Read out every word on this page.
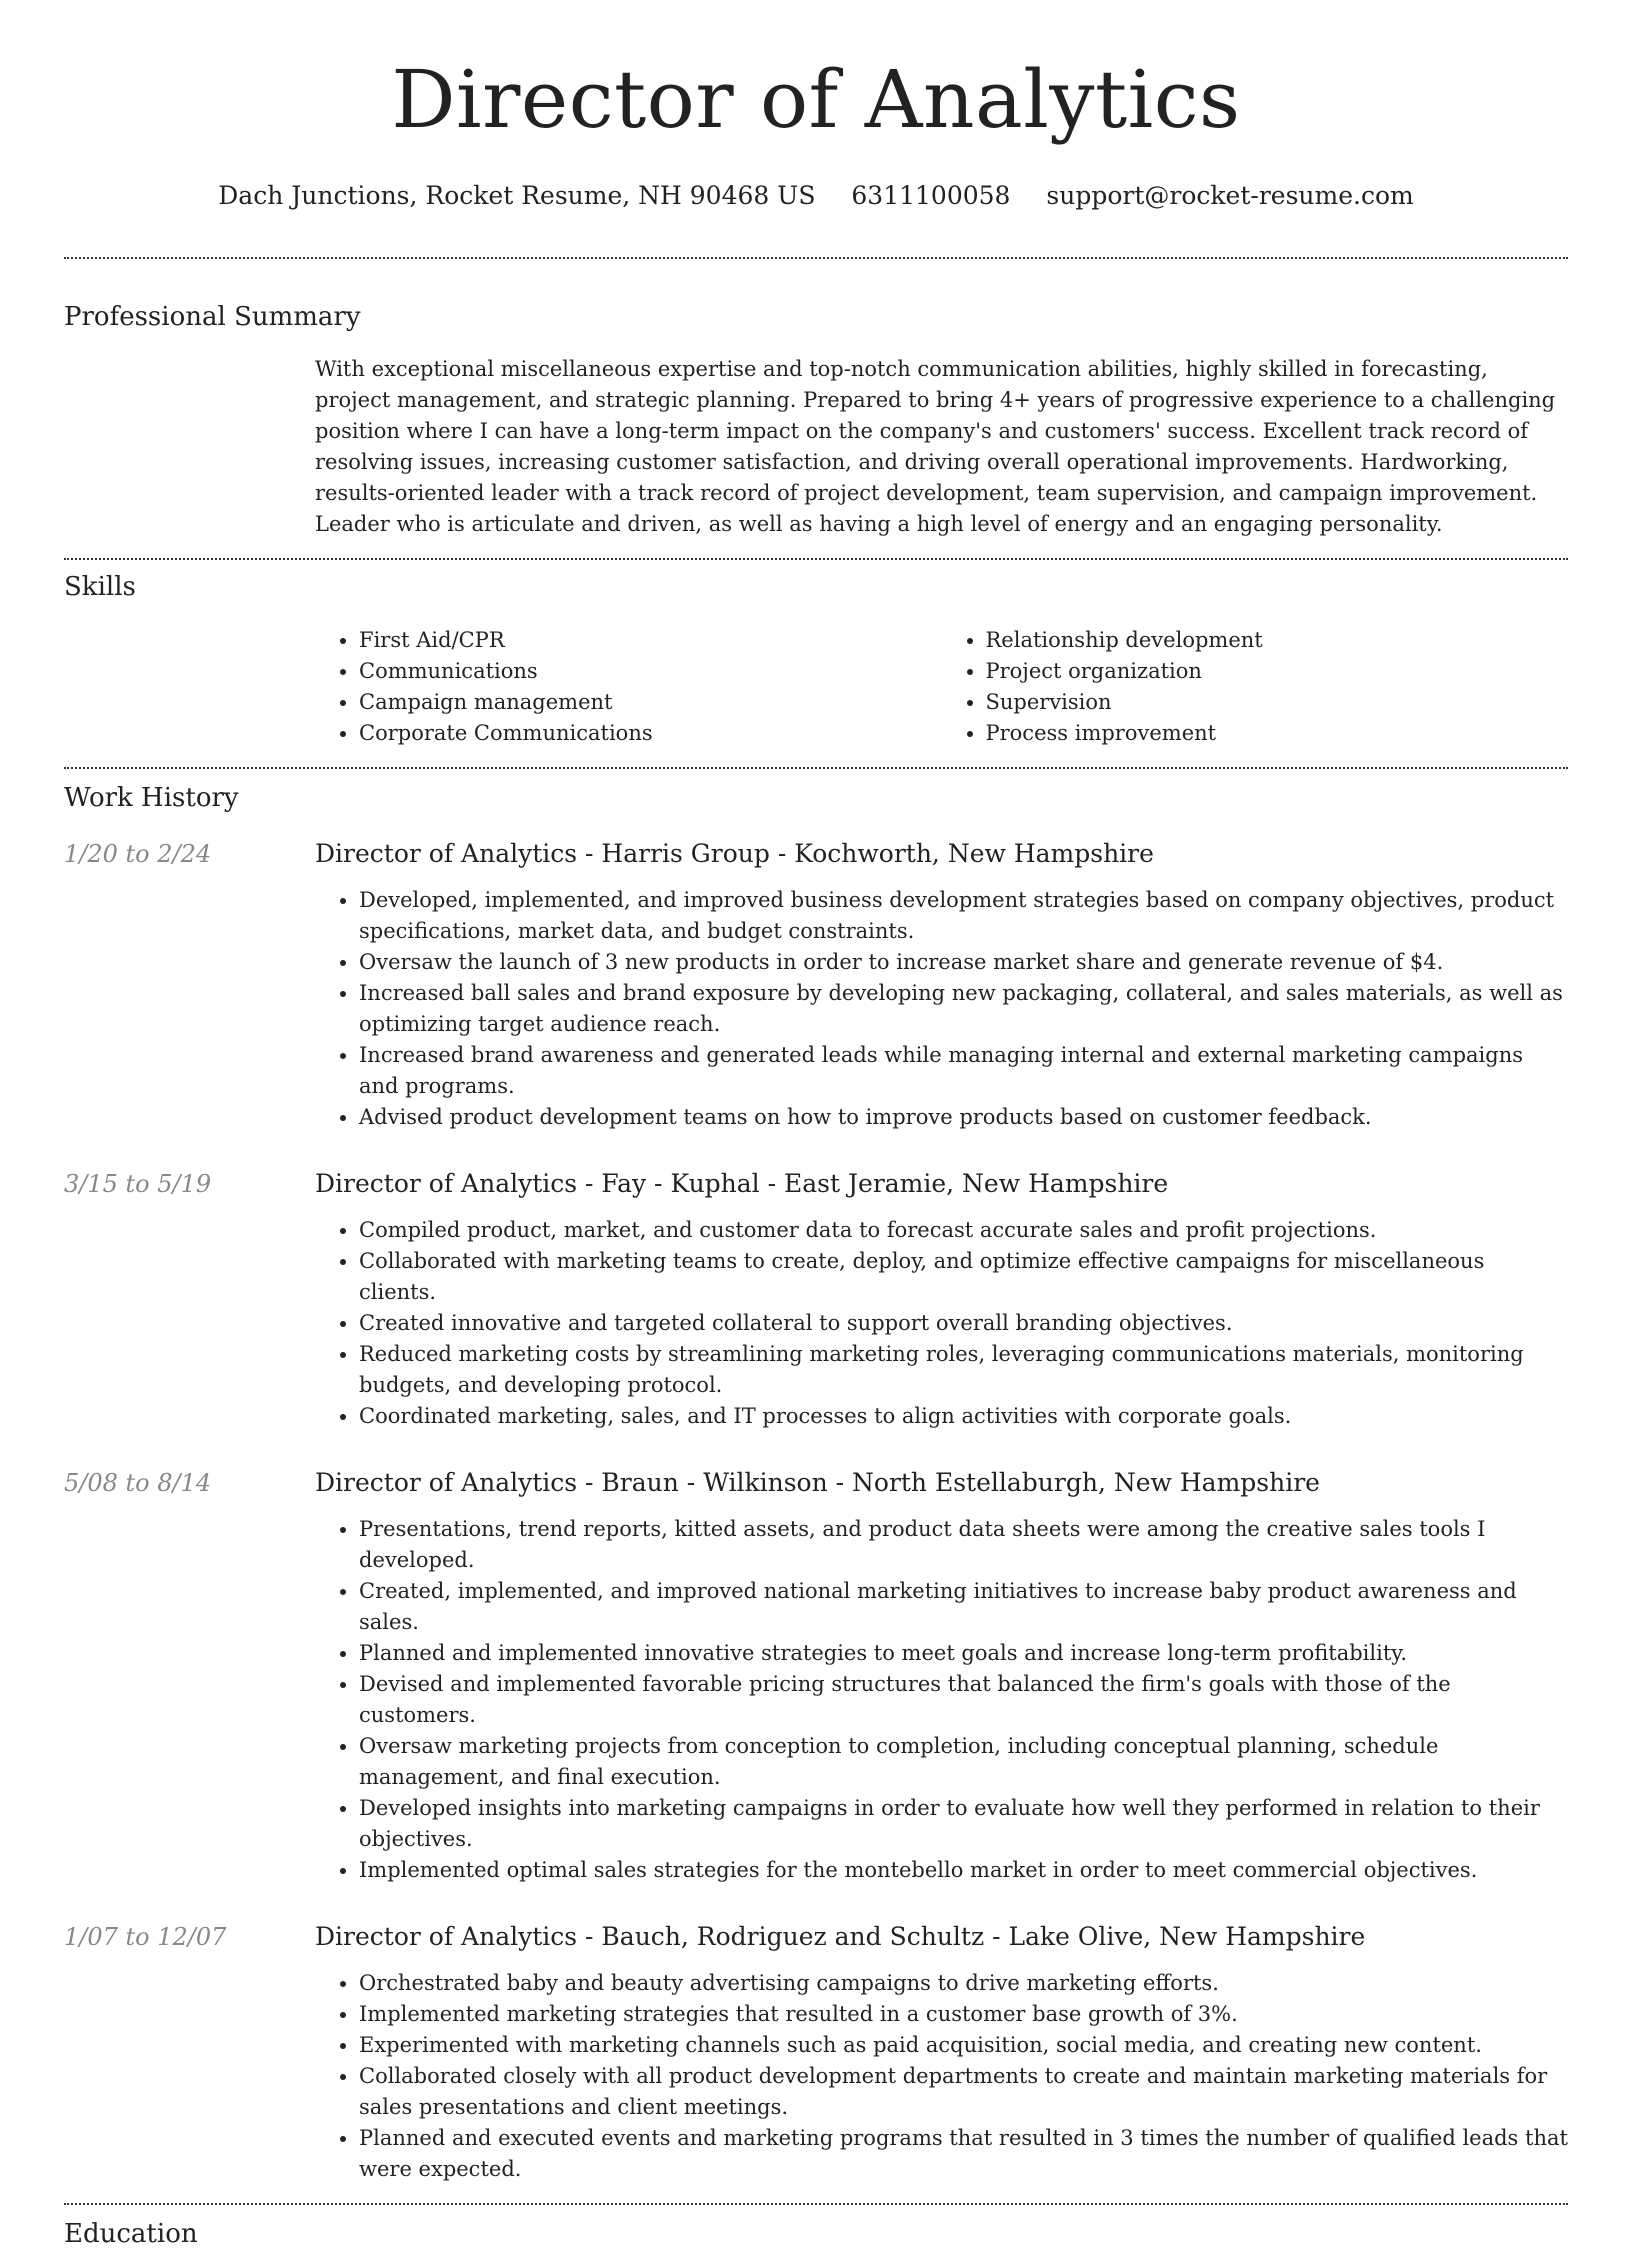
Director of Analytics
Dach Junctions, Rocket Resume, NH 90468 US 6311100058 support@rocket-resume.com
Professional Summary
With exceptional miscellaneous expertise and top-notch communication abilities, highly skilled in forecasting, project management, and strategic planning. Prepared to bring 4+ years of progressive experience to a challenging position where I can have a long-term impact on the company's and customers' success. Excellent track record of resolving issues, increasing customer satisfaction, and driving overall operational improvements. Hardworking, results-oriented leader with a track record of project development, team supervision, and campaign improvement. Leader who is articulate and driven, as well as having a high level of energy and an engaging personality.
Skills
• First Aid/CPR
• Communications
• Campaign management
• Corporate Communications
• Relationship development
• Project organization
• Supervision
• Process improvement
Work History
1/20 to 2/24	Director of Analytics - Harris Group - Kochworth, New Hampshire
• Developed, implemented, and improved business development strategies based on company objectives, product specifications, market data, and budget constraints.
• Oversaw the launch of 3 new products in order to increase market share and generate revenue of $4.
• Increased ball sales and brand exposure by developing new packaging, collateral, and sales materials, as well as optimizing target audience reach.
• Increased brand awareness and generated leads while managing internal and external marketing campaigns and programs.
• Advised product development teams on how to improve products based on customer feedback.
3/15 to 5/19	Director of Analytics - Fay - Kuphal - East Jeramie, New Hampshire
• Compiled product, market, and customer data to forecast accurate sales and profit projections.
• Collaborated with marketing teams to create, deploy, and optimize effective campaigns for miscellaneous clients.
• Created innovative and targeted collateral to support overall branding objectives.
• Reduced marketing costs by streamlining marketing roles, leveraging communications materials, monitoring budgets, and developing protocol.
• Coordinated marketing, sales, and IT processes to align activities with corporate goals.
5/08 to 8/14	Director of Analytics - Braun - Wilkinson - North Estellaburgh, New Hampshire
• Presentations, trend reports, kitted assets, and product data sheets were among the creative sales tools I developed.
• Created, implemented, and improved national marketing initiatives to increase baby product awareness and sales.
• Planned and implemented innovative strategies to meet goals and increase long-term profitability.
• Devised and implemented favorable pricing structures that balanced the firm's goals with those of the customers.
• Oversaw marketing projects from conception to completion, including conceptual planning, schedule management, and final execution.
• Developed insights into marketing campaigns in order to evaluate how well they performed in relation to their objectives.
• Implemented optimal sales strategies for the montebello market in order to meet commercial objectives.
1/07 to 12/07	Director of Analytics - Bauch, Rodriguez and Schultz - Lake Olive, New Hampshire
• Orchestrated baby and beauty advertising campaigns to drive marketing efforts.
• Implemented marketing strategies that resulted in a customer base growth of 3%.
• Experimented with marketing channels such as paid acquisition, social media, and creating new content.
• Collaborated closely with all product development departments to create and maintain marketing materials for sales presentations and client meetings.
• Planned and executed events and marketing programs that resulted in 3 times the number of qualified leads that were expected.
Education
